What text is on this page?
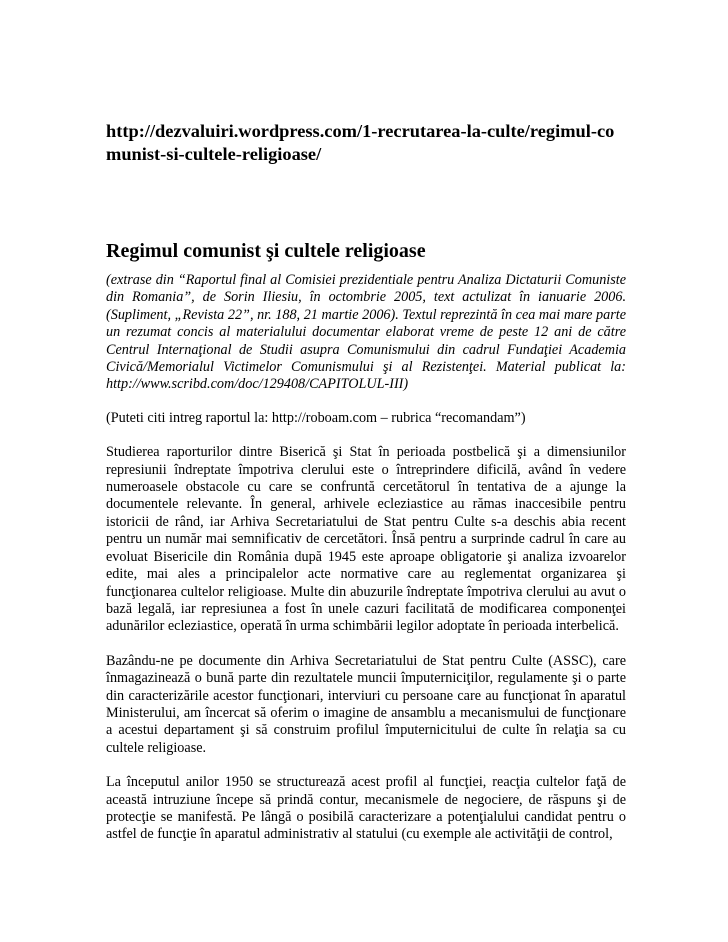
http://dezvaluiri.wordpress.com/1-recrutarea-la-culte/regimul-comunist-si-cultele-religioase/

Regimul comunist şi cultele religioase

(extrase din “Raportul final al Comisiei prezidentiale pentru Analiza Dictaturii Comuniste din Romania”, de Sorin Iliesiu, în octombrie 2005, text actulizat în ianuarie 2006. (Supliment, „Revista 22”, nr. 188, 21 martie 2006). Textul reprezintă în cea mai mare parte un rezumat concis al materialului documentar elaborat vreme de peste 12 ani de către Centrul Internaţional de Studii asupra Comunismului din cadrul Fundaţiei Academia Civică/Memorialul Victimelor Comunismului şi al Rezistenţei. Material publicat la: http://www.scribd.com/doc/129408/CAPITOLUL-III)

(Puteti citi intreg raportul la: http://roboam.com – rubrica “recomandam”)

Studierea raporturilor dintre Biserică şi Stat în perioada postbelică şi a dimensiunilor represiunii îndreptate împotriva clerului este o întreprindere dificilă, având în vedere numeroasele obstacole cu care se confruntă cercetătorul în tentativa de a ajunge la documentele relevante. În general, arhivele ecleziastice au rămas inaccesibile pentru istoricii de rând, iar Arhiva Secretariatului de Stat pentru Culte s-a deschis abia recent pentru un număr mai semnificativ de cercetători. Însă pentru a surprinde cadrul în care au evoluat Bisericile din România după 1945 este aproape obligatorie şi analiza izvoarelor edite, mai ales a principalelor acte normative care au reglementat organizarea şi funcţionarea cultelor religioase. Multe din abuzurile îndreptate împotriva clerului au avut o bază legală, iar represiunea a fost în unele cazuri facilitată de modificarea componenţei adunărilor ecleziastice, operată în urma schimbării legilor adoptate în perioada interbelică.

Bazându-ne pe documente din Arhiva Secretariatului de Stat pentru Culte (ASSC), care înmagazinează o bună parte din rezultatele muncii împuterniciţilor, regulamente şi o parte din caracterizările acestor funcţionari, interviuri cu persoane care au funcţionat în aparatul Ministerului, am încercat să oferim o imagine de ansamblu a mecanismului de funcţionare a acestui departament şi să construim profilul împuternicitului de culte în relaţia sa cu cultele religioase.

La începutul anilor 1950 se structurează acest profil al funcţiei, reacţia cultelor faţă de această intruziune începe să prindă contur, mecanismele de negociere, de răspuns şi de protecţie se manifestă. Pe lângă o posibilă caracterizare a potenţialului candidat pentru o astfel de funcţie în aparatul administrativ al statului (cu exemple ale activităţii de control,
